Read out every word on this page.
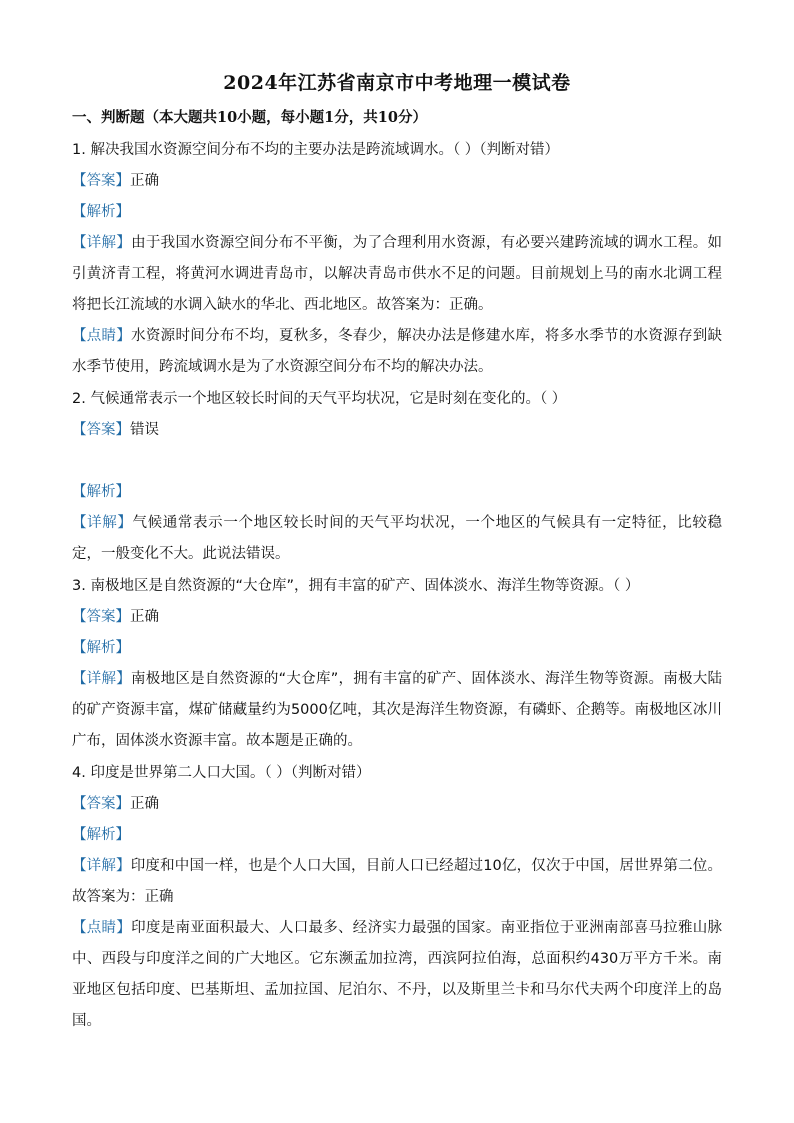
2024年江苏省南京市中考地理一模试卷
一、判断题（本大题共10小题，每小题1分，共10分）
1. 解决我国水资源空间分布不均的主要办法是跨流域调水。（ ）（判断对错）
【答案】正确
【解析】
【详解】由于我国水资源空间分布不平衡，为了合理利用水资源，有必要兴建跨流域的调水工程。如引黄济青工程，将黄河水调进青岛市，以解决青岛市供水不足的问题。目前规划上马的南水北调工程将把长江流域的水调入缺水的华北、西北地区。故答案为：正确。
【点睛】水资源时间分布不均，夏秋多，冬春少，解决办法是修建水库，将多水季节的水资源存到缺水季节使用，跨流域调水是为了水资源空间分布不均的解决办法。
2. 气候通常表示一个地区较长时间的天气平均状况，它是时刻在变化的。（ ）
【答案】错误
【解析】
【详解】气候通常表示一个地区较长时间的天气平均状况，一个地区的气候具有一定特征，比较稳定，一般变化不大。此说法错误。
3. 南极地区是自然资源的“大仓库”，拥有丰富的矿产、固体淡水、海洋生物等资源。（ ）
【答案】正确
【解析】
【详解】南极地区是自然资源的“大仓库”，拥有丰富的矿产、固体淡水、海洋生物等资源。南极大陆的矿产资源丰富，煤矿储藏量约为5000亿吨，其次是海洋生物资源，有磷虾、企鹅等。南极地区冰川广布，固体淡水资源丰富。故本题是正确的。
4. 印度是世界第二人口大国。（ ）（判断对错）
【答案】正确
【解析】
【详解】印度和中国一样，也是个人口大国，目前人口已经超过10亿，仅次于中国，居世界第二位。故答案为：正确
【点睛】印度是南亚面积最大、人口最多、经济实力最强的国家。南亚指位于亚洲南部喜马拉雅山脉中、西段与印度洋之间的广大地区。它东濒孟加拉湾，西滨阿拉伯海，总面积约430万平方千米。南亚地区包括印度、巴基斯坦、孟加拉国、尼泊尔、不丹，以及斯里兰卡和马尔代夫两个印度洋上的岛国。
